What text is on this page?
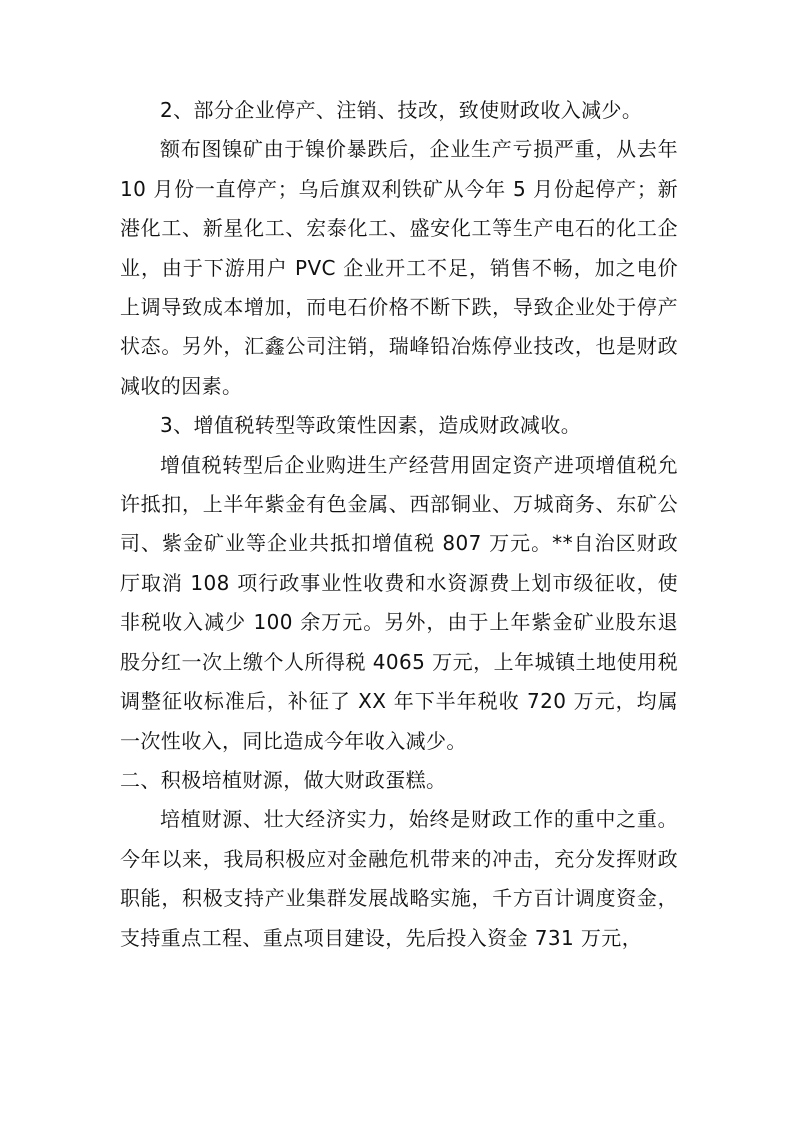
2、部分企业停产、注销、技改，致使财政收入减少。

额布图镍矿由于镍价暴跌后，企业生产亏损严重，从去年 10 月份一直停产；乌后旗双利铁矿从今年 5 月份起停产；新港化工、新星化工、宏泰化工、盛安化工等生产电石的化工企业，由于下游用户 PVC 企业开工不足，销售不畅，加之电价上调导致成本增加，而电石价格不断下跌，导致企业处于停产状态。另外，汇鑫公司注销，瑞峰铅冶炼停业技改，也是财政减收的因素。

3、增值税转型等政策性因素，造成财政减收。

增值税转型后企业购进生产经营用固定资产进项增值税允许抵扣，上半年紫金有色金属、西部铜业、万城商务、东矿公司、紫金矿业等企业共抵扣增值税 807 万元。**自治区财政厅取消 108 项行政事业性收费和水资源费上划市级征收，使非税收入减少 100 余万元。另外，由于上年紫金矿业股东退股分红一次上缴个人所得税 4065 万元，上年城镇土地使用税调整征收标准后，补征了 XX 年下半年税收 720 万元，均属一次性收入，同比造成今年收入减少。

二、积极培植财源，做大财政蛋糕。

培植财源、壮大经济实力，始终是财政工作的重中之重。今年以来，我局积极应对金融危机带来的冲击，充分发挥财政职能，积极支持产业集群发展战略实施，千方百计调度资金，支持重点工程、重点项目建设，先后投入资金 731 万元，
